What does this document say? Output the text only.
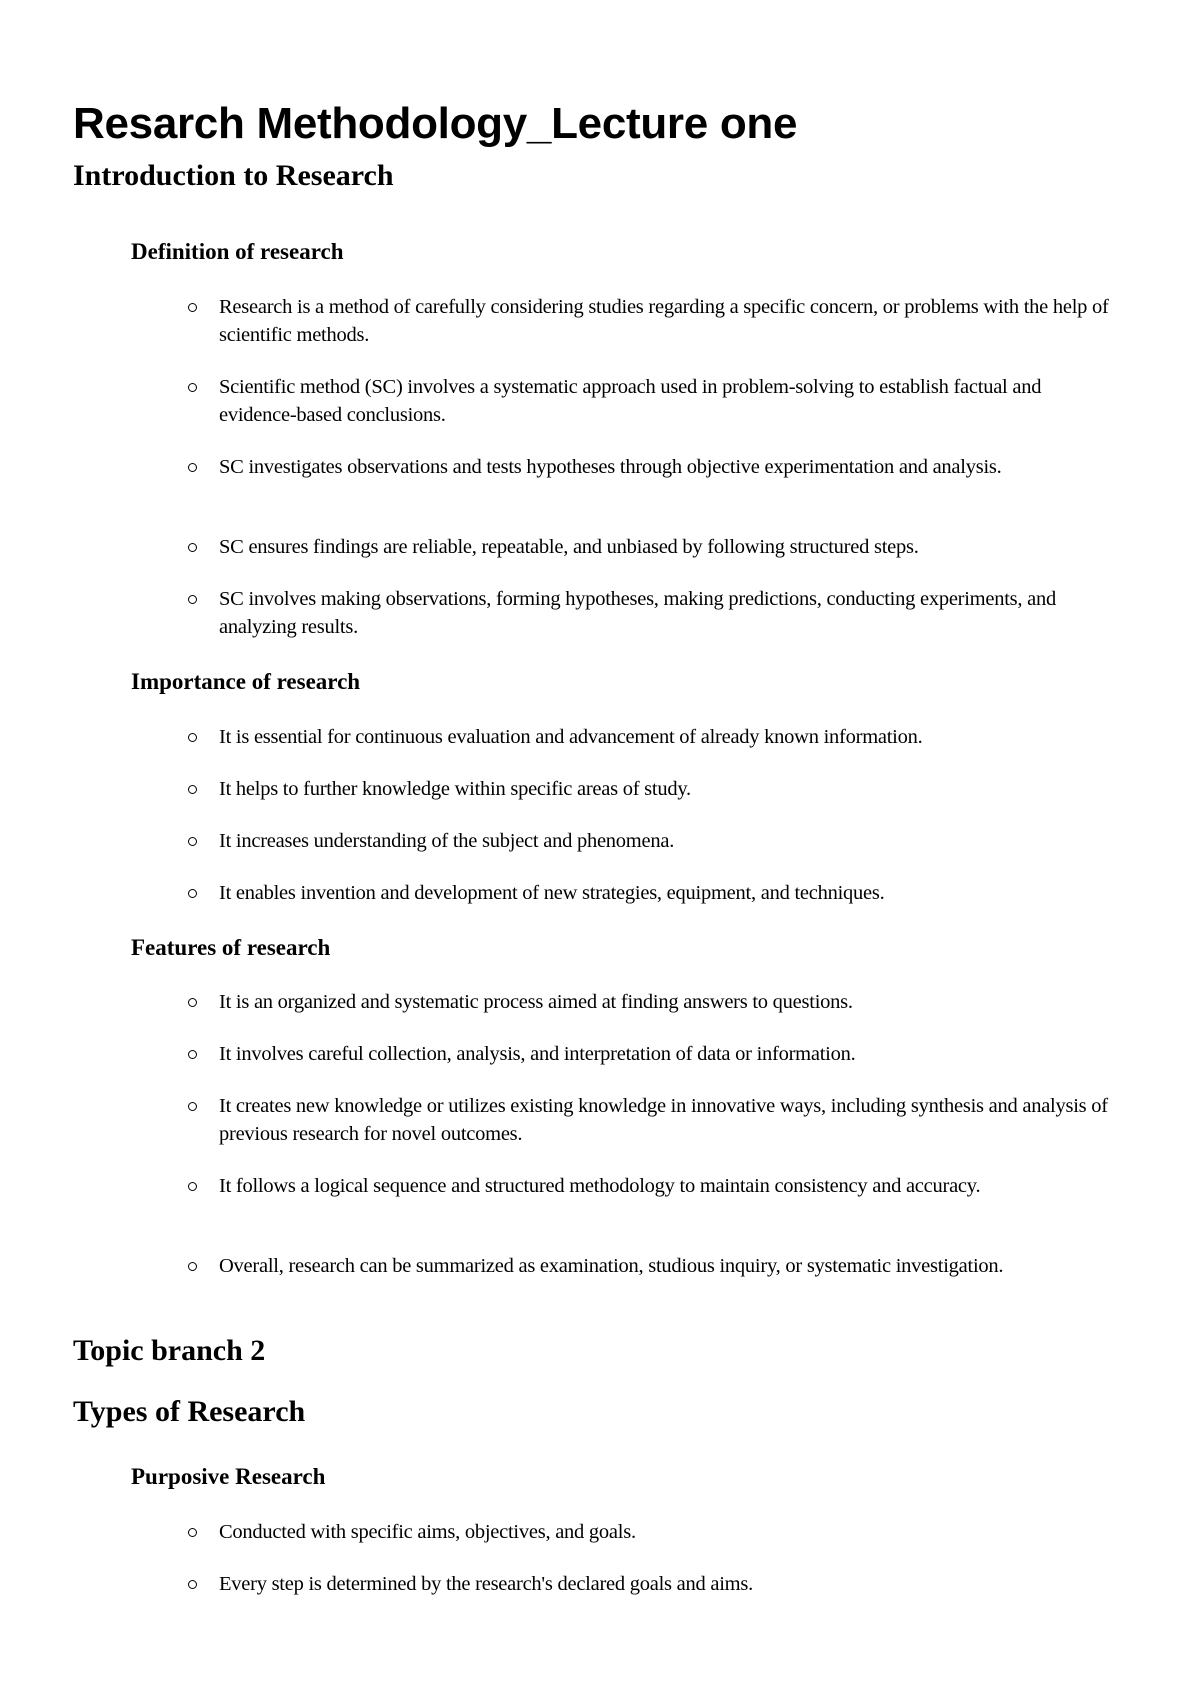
Resarch Methodology_Lecture one
Introduction to Research
Definition of research
Research is a method of carefully considering studies regarding a specific concern, or problems with the help of scientific methods.
Scientific method (SC) involves a systematic approach used in problem-solving to establish factual and evidence-based conclusions.
SC investigates observations and tests hypotheses through objective experimentation and analysis.
SC ensures findings are reliable, repeatable, and unbiased by following structured steps.
SC involves making observations, forming hypotheses, making predictions, conducting experiments, and analyzing results.
Importance of research
It is essential for continuous evaluation and advancement of already known information.
It helps to further knowledge within specific areas of study.
It increases understanding of the subject and phenomena.
It enables invention and development of new strategies, equipment, and techniques.
Features of research
It is an organized and systematic process aimed at finding answers to questions.
It involves careful collection, analysis, and interpretation of data or information.
It creates new knowledge or utilizes existing knowledge in innovative ways, including synthesis and analysis of previous research for novel outcomes.
It follows a logical sequence and structured methodology to maintain consistency and accuracy.
Overall, research can be summarized as examination, studious inquiry, or systematic investigation.
Topic branch 2
Types of Research
Purposive Research
Conducted with specific aims, objectives, and goals.
Every step is determined by the research's declared goals and aims.
